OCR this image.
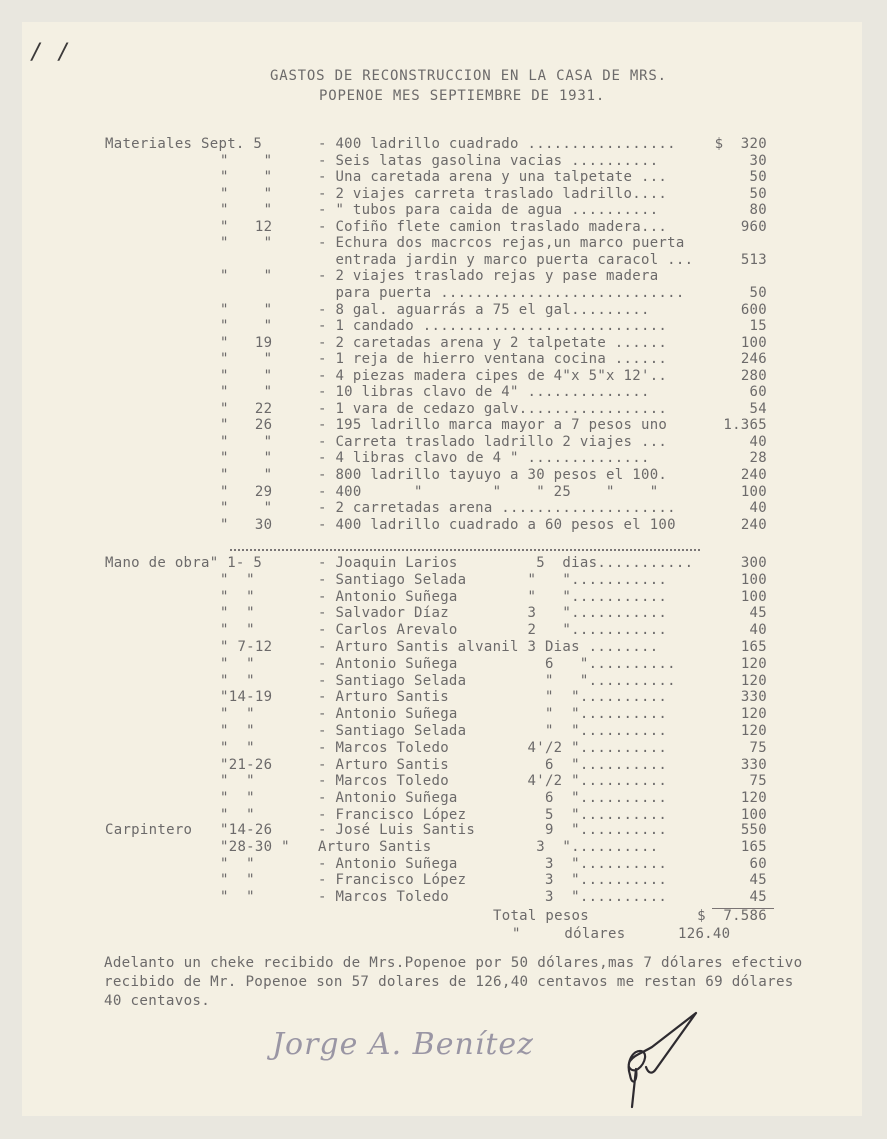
/ /
GASTOS DE RECONSTRUCCION EN LA CASA DE MRS.
POPENOE MES SEPTIEMBRE DE 1931.
Materiales Sept. 5	- 400 ladrillo cuadrado .................	$  320
"    "	- Seis latas gasolina vacias ..........	30
"    "	- Una caretada arena y una talpetate ...	50
"    "	- 2 viajes carreta traslado ladrillo....	50
"    "	- " tubos para caida de agua ..........	80
"   12	- Cofiño flete camion traslado madera...	960
"    "	- Echura dos macrcos rejas,un marco puerta
entrada jardin y marco puerta caracol ...	513
"    "	- 2 viajes traslado rejas y pase madera
para puerta ............................	50
"    "	- 8 gal. aguarrás a 75 el gal.........	600
"    "	- 1 candado ............................	15
"   19	- 2 caretadas arena y 2 talpetate ......	100
"    "	- 1 reja de hierro ventana cocina ......	246
"    "	- 4 piezas madera cipes de 4"x 5"x 12'..	280
"    "	- 10 libras clavo de 4" ..............	60
"   22	- 1 vara de cedazo galv.................	54
"   26	- 195 ladrillo marca mayor a 7 pesos uno	1.365
"    "	- Carreta traslado ladrillo 2 viajes ...	40
"    "	- 4 libras clavo de 4 " ..............	28
"    "	- 800 ladrillo tayuyo a 30 pesos el 100.	240
"   29	- 400      "        "    " 25    "    "	100
"    "	- 2 carretadas arena ....................	40
"   30	- 400 ladrillo cuadrado a 60 pesos el 100	240
Mano de obra" 1- 5	- Joaquin Larios         5  dias...........	300
"  "	- Santiago Selada       "   "...........	100
"  "	- Antonio Suñega        "   "...........	100
"  "	- Salvador Díaz         3   "...........	45
"  "	- Carlos Arevalo        2   "...........	40
" 7-12	- Arturo Santis alvanil 3 Dias ........	165
"  "	- Antonio Suñega          6   "..........	120
"  "	- Santiago Selada         "   "..........	120
"14-19	- Arturo Santis           "  "..........	330
"  "	- Antonio Suñega          "  "..........	120
"  "	- Santiago Selada         "  "..........	120
"  "	- Marcos Toledo         4'/2 "..........	75
"21-26	- Arturo Santis           6  "..........	330
"  "	- Marcos Toledo         4'/2 "..........	75
"  "	- Antonio Suñega          6  "..........	120
"  "	- Francisco López         5  "..........	100
Carpintero "14-26	- José Luis Santis        9  "..........	550
"28-30 " Arturo Santis            3  "..........	165
"  "	- Antonio Suñega          3  "..........	60
"  "	- Francisco López         3  "..........	45
"  "	- Marcos Toledo           3  "..........	45
Total pesos	$  7.586
"     dólares	126.40
Adelanto un cheke recibido de Mrs.Popenoe por 50 dólares,mas 7 dólares efectivo recibido de Mr. Popenoe son 57 dolares de 126,40 centavos me restan 69 dólares 40 centavos.
Jorge A. Benítez
